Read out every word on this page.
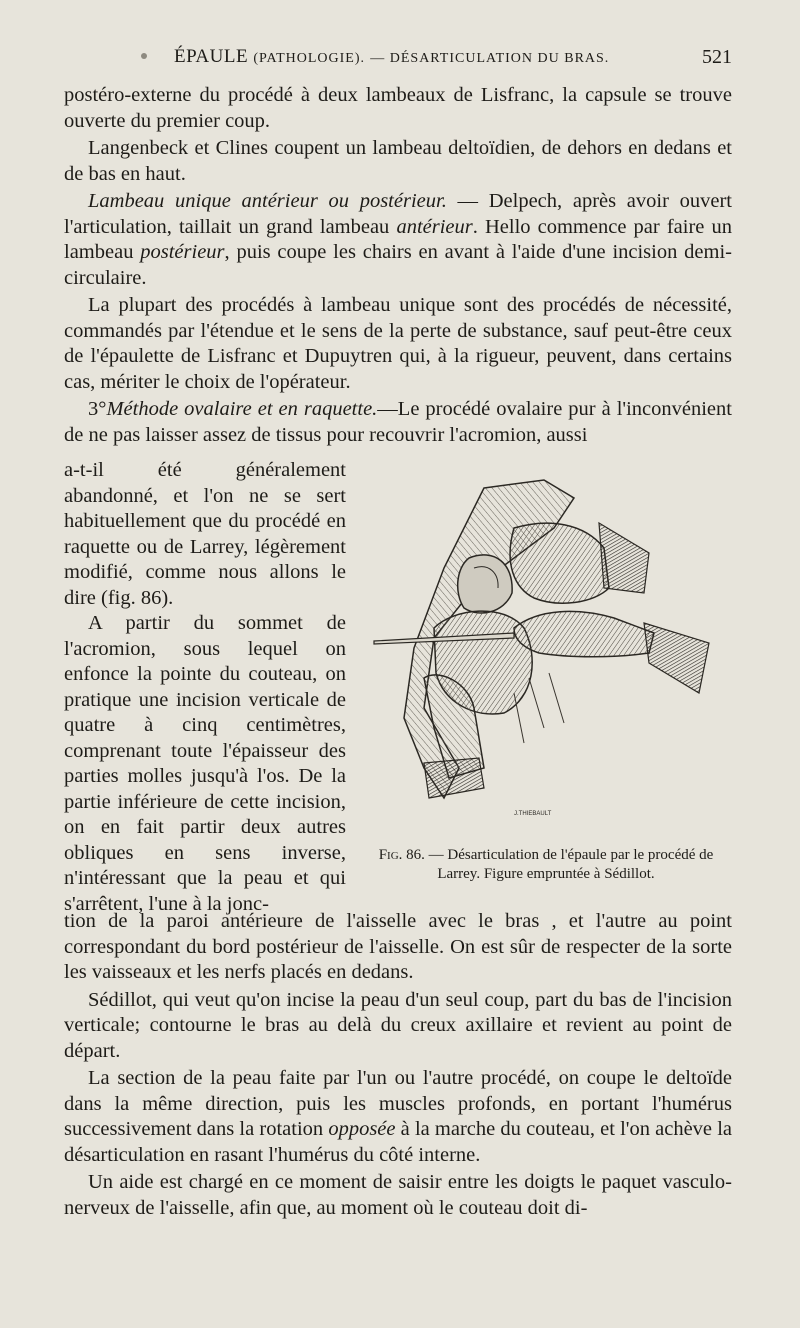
ÉPAULE (PATHOLOGIE). — DÉSARTICULATION DU BRAS.	521

postéro-externe du procédé à deux lambeaux de Lisfranc, la capsule se trouve ouverte du premier coup.

Langenbeck et Clines coupent un lambeau deltoïdien, de dehors en dedans et de bas en haut.

Lambeau unique antérieur ou postérieur. — Delpech, après avoir ouvert l'articulation, taillait un grand lambeau antérieur. Hello commence par faire un lambeau postérieur, puis coupe les chairs en avant à l'aide d'une incision demi-circulaire.

La plupart des procédés à lambeau unique sont des procédés de nécessité, commandés par l'étendue et le sens de la perte de substance, sauf peut-être ceux de l'épaulette de Lisfranc et Dupuytren qui, à la rigueur, peuvent, dans certains cas, mériter le choix de l'opérateur.

3°Méthode ovalaire et en raquette.—Le procédé ovalaire pur à l'inconvénient de ne pas laisser assez de tissus pour recouvrir l'acromion, aussi

a-t-il été généralement abandonné, et l'on ne se sert habituellement que du procédé en raquette ou de Larrey, légèrement modifié, comme nous allons le dire (fig. 86).

A partir du sommet de l'acromion, sous lequel on enfonce la pointe du couteau, on pratique une incision verticale de quatre à cinq centimètres, comprenant toute l'épaisseur des parties molles jusqu'à l'os. De la partie inférieure de cette incision, on en fait partir deux autres obliques en sens inverse, n'intéressant que la peau et qui s'arrêtent, l'une à la jonc-

J.THIEBAULT
Fig. 86. — Désarticulation de l'épaule par le procédé de Larrey. Figure empruntée à Sédillot.

tion de la paroi antérieure de l'aisselle avec le bras , et l'autre au point correspondant du bord postérieur de l'aisselle. On est sûr de respecter de la sorte les vaisseaux et les nerfs placés en dedans.

Sédillot, qui veut qu'on incise la peau d'un seul coup, part du bas de l'incision verticale; contourne le bras au delà du creux axillaire et revient au point de départ.

La section de la peau faite par l'un ou l'autre procédé, on coupe le deltoïde dans la même direction, puis les muscles profonds, en portant l'humérus successivement dans la rotation opposée à la marche du couteau, et l'on achève la désarticulation en rasant l'humérus du côté interne.

Un aide est chargé en ce moment de saisir entre les doigts le paquet vasculo-nerveux de l'aisselle, afin que, au moment où le couteau doit di-
